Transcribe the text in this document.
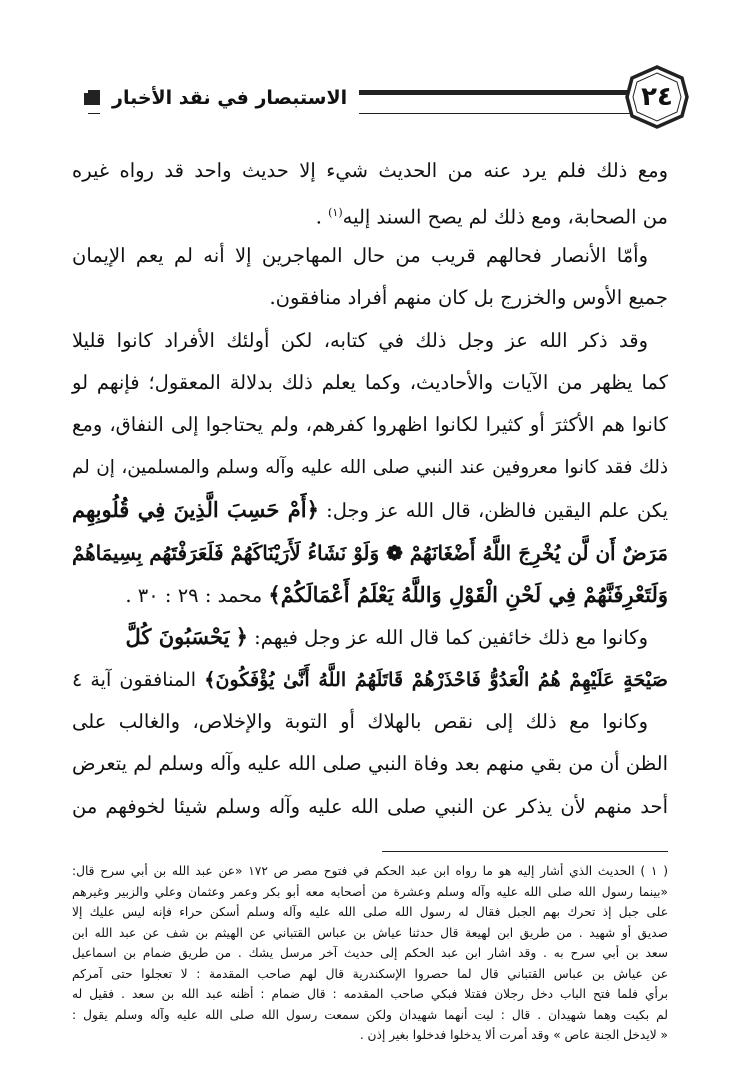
الاستبصار في نقد الأخبار	٢٤
ومع ذلك فلم يرد عنه من الحديث شيء إلا حديث واحد قد رواه غيره
من الصحابة، ومع ذلك لم يصح السند إليه$^{(١)}$ .
وأمّا الأنصار فحالهم قريب من حال المهاجرين إلا أنه لم يعم الإيمان
جميع الأوس والخزرج بل كان منهم أفراد منافقون.
وقد ذكر الله عز وجل ذلك في كتابه، لكن أولئك الأفراد كانوا قليلا
كما يظهر من الآيات والأحاديث، وكما يعلم ذلك بدلالة المعقول؛ فإنهم لو
كانوا هم الأكثرَ أو كثيرا لكانوا اظهروا كفرهم، ولم يحتاجوا إلى النفاق، ومع
ذلك فقد كانوا معروفين عند النبي صلى الله عليه وآله وسلم والمسلمين، إن لم
يكن علم اليقين فالظن، قال الله عز وجل: ﴿أَمْ حَسِبَ الَّذِينَ فِي قُلُوبِهِم
مَرَضٌ أَن لَّن يُخْرِجَ اللَّهُ أَضْغَانَهُمْ ❁ وَلَوْ نَشَاءُ لَأَرَيْنَاكَهُمْ فَلَعَرَفْتَهُم بِسِيمَاهُمْ
وَلَتَعْرِفَنَّهُمْ فِي لَحْنِ الْقَوْلِ وَاللَّهُ يَعْلَمُ أَعْمَالَكُمْ﴾ محمد : ٢٩ : ٣٠ .
وكانوا مع ذلك خائفين كما قال الله عز وجل فيهم: ﴿ يَحْسَبُونَ كُلَّ
صَيْحَةٍ عَلَيْهِمْ هُمُ الْعَدُوُّ فَاحْذَرْهُمْ قَاتَلَهُمُ اللَّهُ أَنَّىٰ يُؤْفَكُونَ﴾ المنافقون آية ٤
وكانوا مع ذلك إلى نقص بالهلاك أو التوبة والإخلاص، والغالب على
الظن أن من بقي منهم بعد وفاة النبي صلى الله عليه وآله وسلم لم يتعرض
أحد منهم لأن يذكر عن النبي صلى الله عليه وآله وسلم شيئا لخوفهم من
( ١ ) الحديث الذي أشار إليه هو ما رواه ابن عبد الحكم في فتوح مصر ص ١٧٢ «عن عبد الله بن أبي سرح قال:
«بينما رسول الله صلى الله عليه وآله وسلم وعشرة من أصحابه معه أبو بكر وعمر وعثمان وعلي والزبير وغيرهم
على جبل إذ تحرك بهم الجبل فقال له رسول الله صلى الله عليه وآله وسلم أسكن حراء فإنه ليس عليك إلا
صديق أو شهيد . من طريق ابن لهيعة قال حدثنا عياش بن عباس القتباني عن الهيثم بن شف عن عبد الله ابن
سعد بن أبي سرح به . وقد اشار ابن عبد الحكم إلى حديث آخر مرسل يشك . من طريق ضمام بن اسماعيل
عن عياش بن عباس القتباني قال لما حصروا الإسكندرية قال لهم صاحب المقدمة : لا تعجلوا حتى آمركم
برأي فلما فتح الباب دخل رجلان فقتلا فبكي صاحب المقدمه : قال ضمام : أظنه عبد الله بن سعد . فقيل له
لم بكيت وهما شهيدان . قال : ليت أنهما شهيدان ولكن سمعت رسول الله صلى الله عليه وآله وسلم يقول :
« لايدخل الجنة عاص » وقد أمرت ألا يدخلوا فدخلوا بغير إذن .
